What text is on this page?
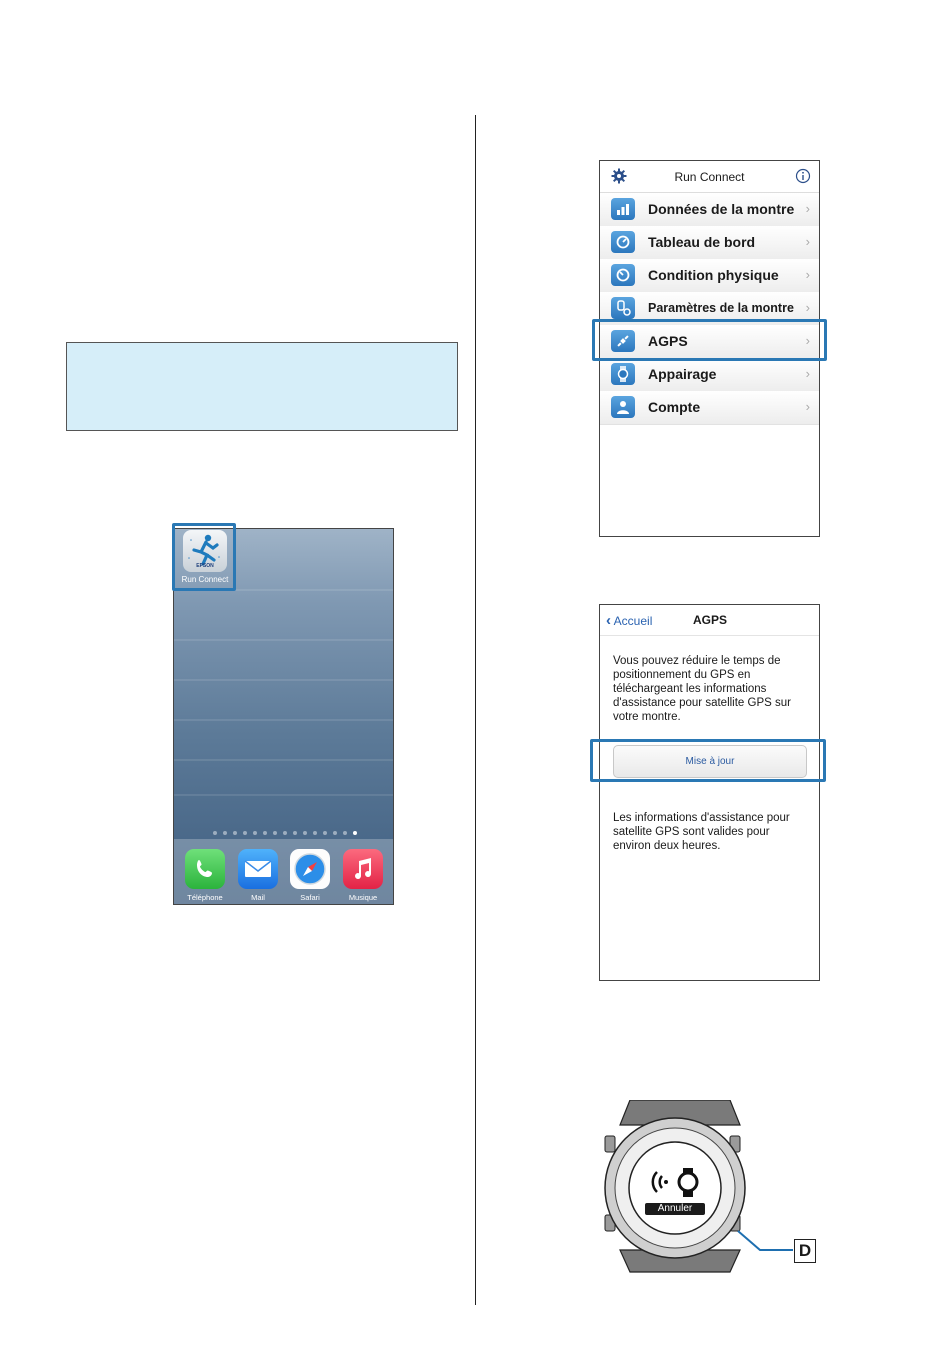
Téléphone	Mail	Safari	Musique
EPSON
Run Connect
Run Connect
Données de la montre ›
Tableau de bord	›
Condition physique ›
Paramètres de la montre ›
AGPS	›
Appairage	›
Compte	›
‹ Accueil	AGPS
Vous pouvez réduire le temps de positionnement du GPS en téléchargeant les informations d'assistance pour satellite GPS sur votre montre.
Mise à jour
Les informations d'assistance pour satellite GPS sont valides pour environ deux heures.
Annuler
D
